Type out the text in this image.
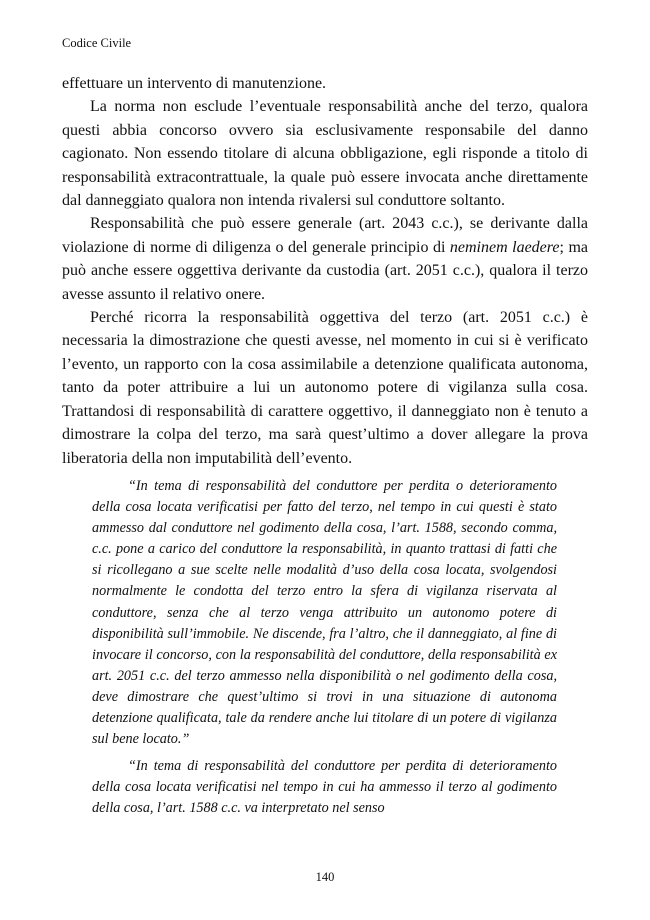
Codice Civile

effettuare un intervento di manutenzione.

La norma non esclude l’eventuale responsabilità anche del terzo, qualora questi abbia concorso ovvero sia esclusivamente responsabile del danno cagionato. Non essendo titolare di alcuna obbligazione, egli risponde a titolo di responsabilità extracontrattuale, la quale può essere invocata anche direttamente dal danneggiato qualora non intenda rivalersi sul conduttore soltanto.

Responsabilità che può essere generale (art. 2043 c.c.), se derivante dalla violazione di norme di diligenza o del generale principio di neminem laedere; ma può anche essere oggettiva derivante da custodia (art. 2051 c.c.), qualora il terzo avesse assunto il relativo onere.

Perché ricorra la responsabilità oggettiva del terzo (art. 2051 c.c.) è necessaria la dimostrazione che questi avesse, nel momento in cui si è verificato l’evento, un rapporto con la cosa assimilabile a detenzione qualificata autonoma, tanto da poter attribuire a lui un autonomo potere di vigilanza sulla cosa. Trattandosi di responsabilità di carattere oggettivo, il danneggiato non è tenuto a dimostrare la colpa del terzo, ma sarà quest’ultimo a dover allegare la prova liberatoria della non imputabilità dell’evento.

“In tema di responsabilità del conduttore per perdita o deterioramento della cosa locata verificatisi per fatto del terzo, nel tempo in cui questi è stato ammesso dal conduttore nel godimento della cosa, l’art. 1588, secondo comma, c.c. pone a carico del conduttore la responsabilità, in quanto trattasi di fatti che si ricollegano a sue scelte nelle modalità d’uso della cosa locata, svolgendosi normalmente le condotta del terzo entro la sfera di vigilanza riservata al conduttore, senza che al terzo venga attribuito un autonomo potere di disponibilità sull’immobile. Ne discende, fra l’altro, che il danneggiato, al fine di invocare il concorso, con la responsabilità del conduttore, della responsabilità ex art. 2051 c.c. del terzo ammesso nella disponibilità o nel godimento della cosa, deve dimostrare che quest’ultimo si trovi in una situazione di autonoma detenzione qualificata, tale da rendere anche lui titolare di un potere di vigilanza sul bene locato.”

“In tema di responsabilità del conduttore per perdita di deterioramento della cosa locata verificatisi nel tempo in cui ha ammesso il terzo al godimento della cosa, l’art. 1588 c.c. va interpretato nel senso

140
